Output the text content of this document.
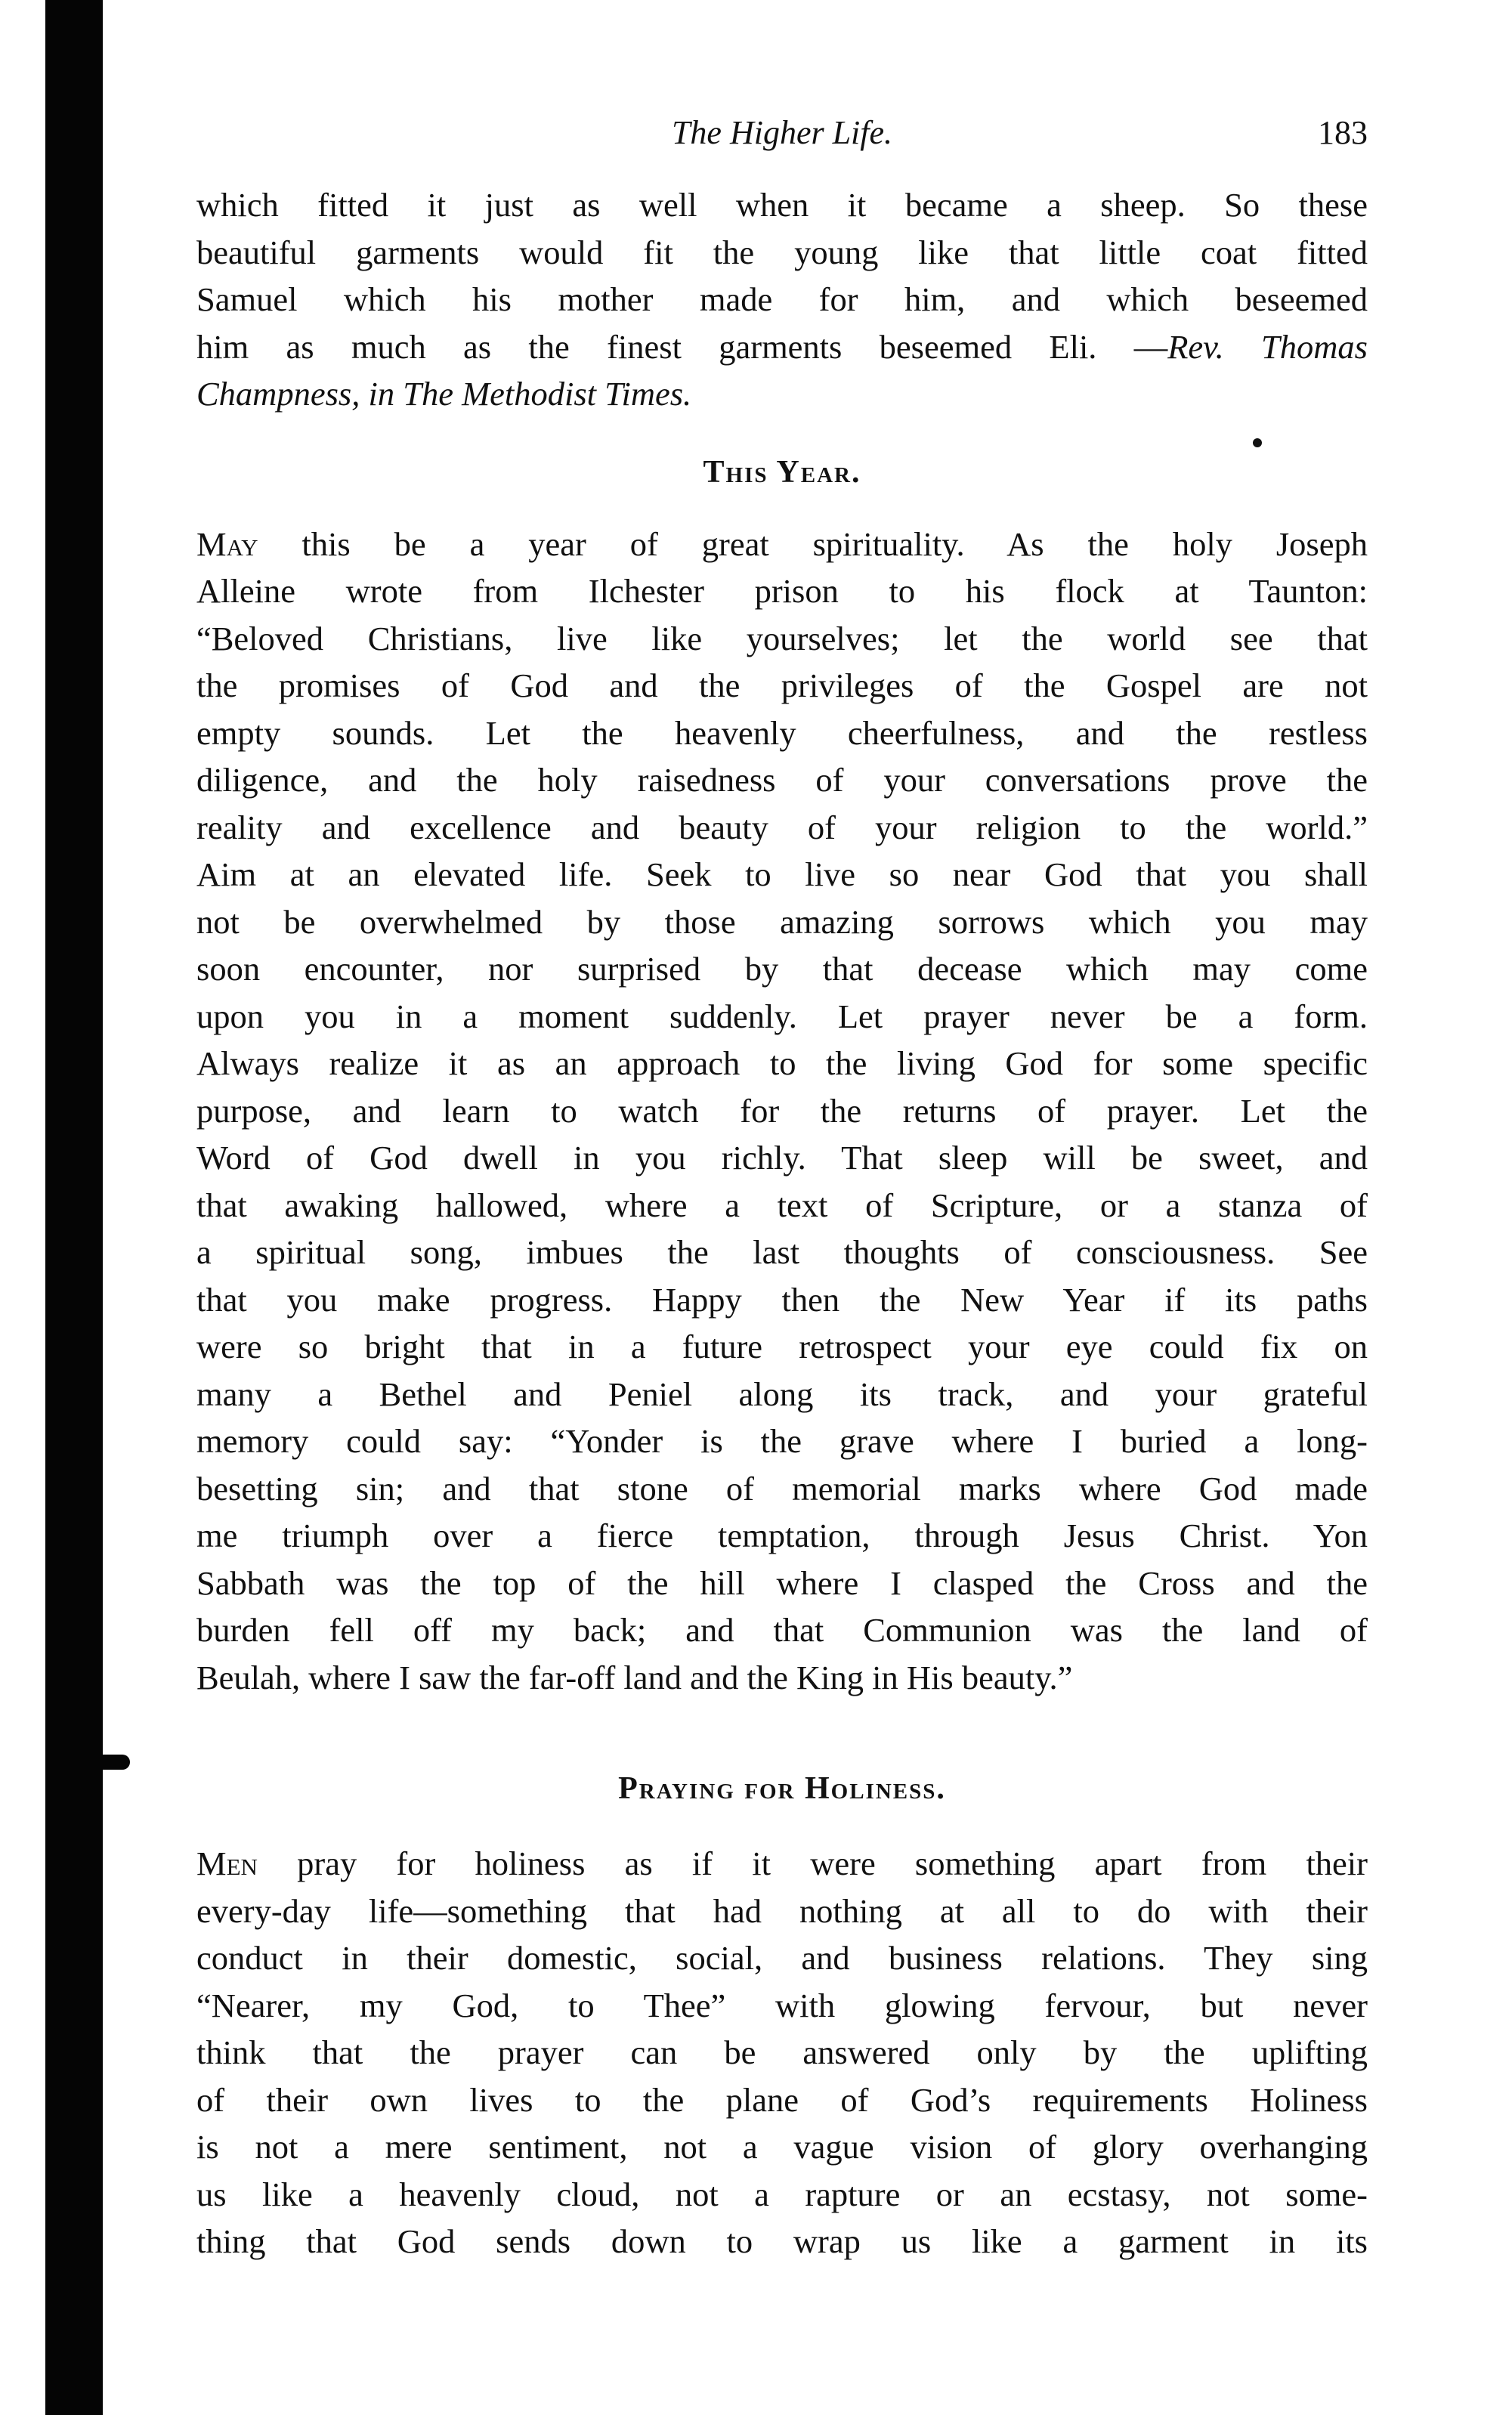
The Higher Life.	183

which fitted it just as well when it became a sheep. So these
beautiful garments would fit the young like that little coat fitted
Samuel which his mother made for him, and which beseemed
him as much as the finest garments beseemed Eli. —Rev. Thomas
Champness, in The Methodist Times.

This Year.

May this be a year of great spirituality. As the holy Joseph
Alleine wrote from Ilchester prison to his flock at Taunton:
“Beloved Christians, live like yourselves; let the world see that
the promises of God and the privileges of the Gospel are not
empty sounds. Let the heavenly cheerfulness, and the restless
diligence, and the holy raisedness of your conversations prove the
reality and excellence and beauty of your religion to the world.”
Aim at an elevated life. Seek to live so near God that you shall
not be overwhelmed by those amazing sorrows which you may
soon encounter, nor surprised by that decease which may come
upon you in a moment suddenly. Let prayer never be a form.
Always realize it as an approach to the living God for some specific
purpose, and learn to watch for the returns of prayer. Let the
Word of God dwell in you richly. That sleep will be sweet, and
that awaking hallowed, where a text of Scripture, or a stanza of
a spiritual song, imbues the last thoughts of consciousness. See
that you make progress. Happy then the New Year if its paths
were so bright that in a future retrospect your eye could fix on
many a Bethel and Peniel along its track, and your grateful
memory could say: “Yonder is the grave where I buried a long-
besetting sin; and that stone of memorial marks where God made
me triumph over a fierce temptation, through Jesus Christ. Yon
Sabbath was the top of the hill where I clasped the Cross and the
burden fell off my back; and that Communion was the land of
Beulah, where I saw the far-off land and the King in His beauty.”

Praying for Holiness.

Men pray for holiness as if it were something apart from their
every-day life—something that had nothing at all to do with their
conduct in their domestic, social, and business relations. They sing
“Nearer, my God, to Thee” with glowing fervour, but never
think that the prayer can be answered only by the uplifting
of their own lives to the plane of God’s requirements Holiness
is not a mere sentiment, not a vague vision of glory overhanging
us like a heavenly cloud, not a rapture or an ecstasy, not some-
thing that God sends down to wrap us like a garment in its
